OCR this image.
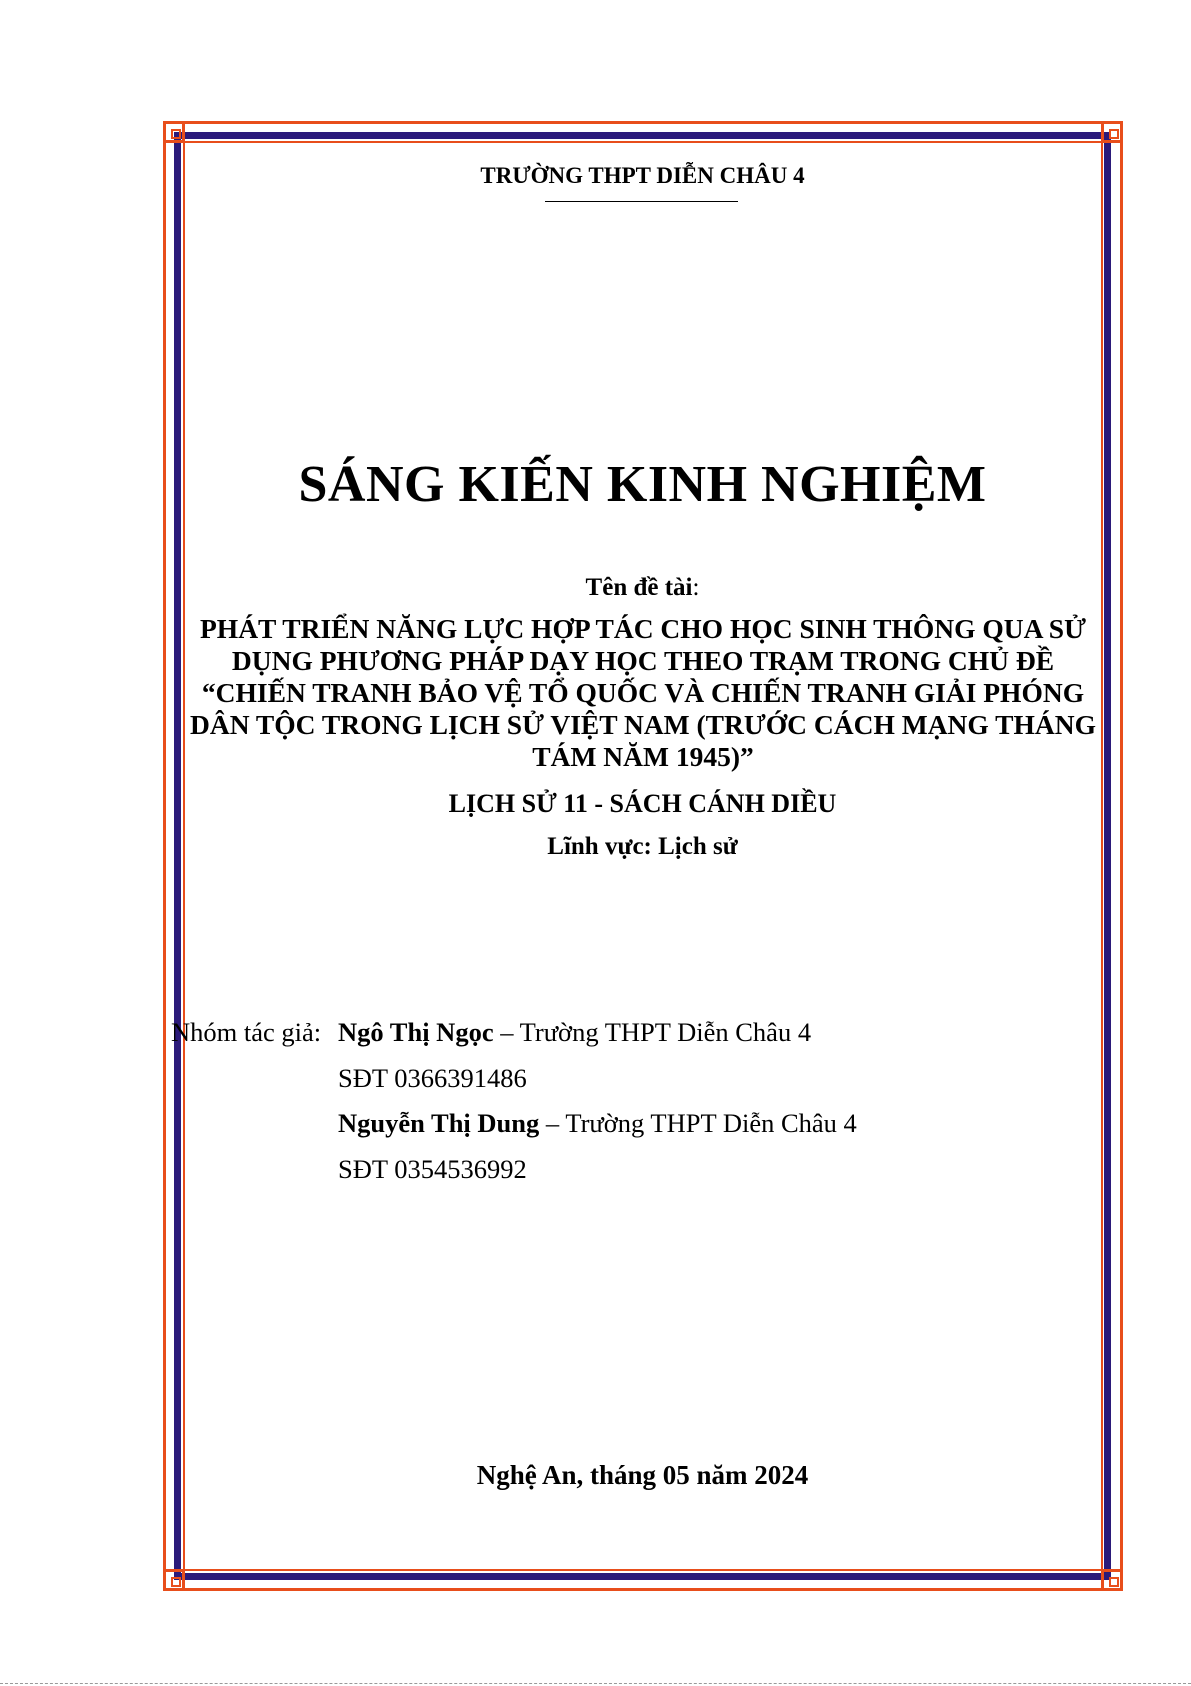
TRƯỜNG THPT DIỄN CHÂU 4
SÁNG KIẾN KINH NGHIỆM
Tên đề tài:
PHÁT TRIỂN NĂNG LỰC HỢP TÁC CHO HỌC SINH THÔNG QUA SỬ
DỤNG PHƯƠNG PHÁP DẠY HỌC THEO TRẠM TRONG CHỦ ĐỀ
“CHIẾN TRANH BẢO VỆ TỔ QUỐC VÀ CHIẾN TRANH GIẢI PHÓNG
DÂN TỘC TRONG LỊCH SỬ VIỆT NAM (TRƯỚC CÁCH MẠNG THÁNG
TÁM NĂM 1945)”
LỊCH SỬ 11 - SÁCH CÁNH DIỀU
Lĩnh vực: Lịch sử
Nhóm tác giả: Ngô Thị Ngọc – Trường THPT Diễn Châu 4
SĐT 0366391486
Nguyễn Thị Dung – Trường THPT Diễn Châu 4
SĐT 0354536992
Nghệ An, tháng 05 năm 2024
